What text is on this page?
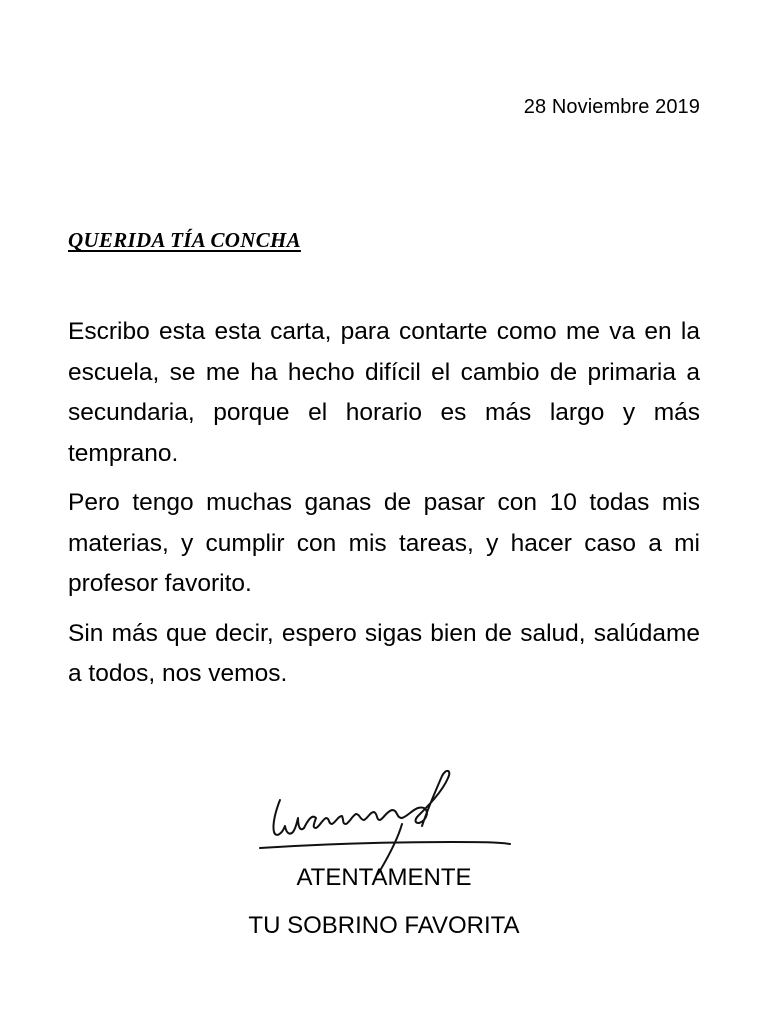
28 Noviembre 2019
QUERIDA TÍA CONCHA

Escribo esta esta carta, para contarte como me va en la escuela, se me ha hecho difícil el cambio de primaria a secundaria, porque el horario es más largo y más temprano.

Pero tengo muchas ganas de pasar con 10 todas mis materias, y cumplir con mis tareas, y hacer caso a mi profesor favorito.

Sin más que decir, espero sigas bien de salud, salúdame a todos, nos vemos.

ATENTAMENTE
TU SOBRINO FAVORITA
